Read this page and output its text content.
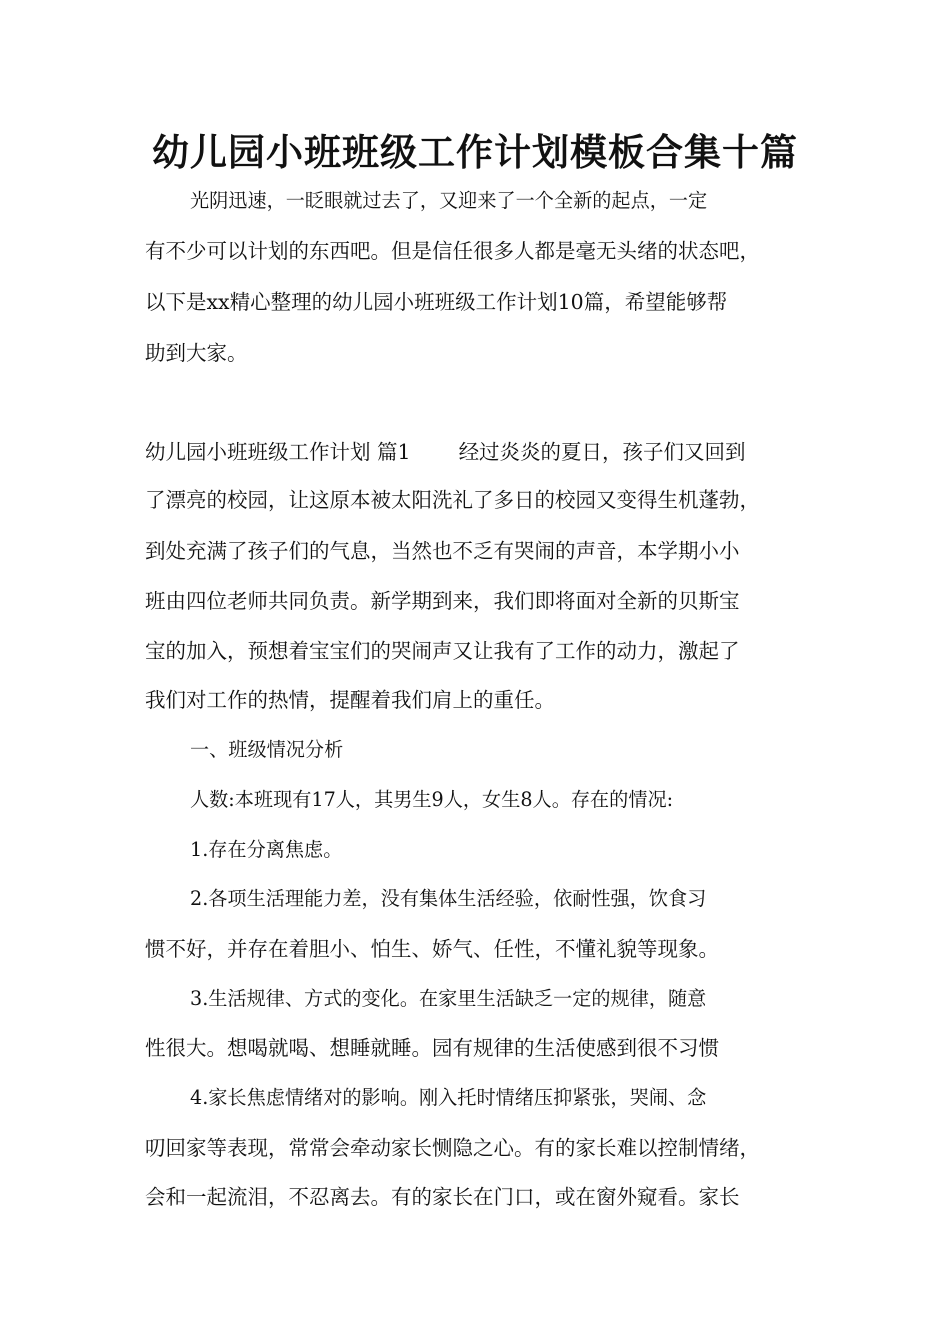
幼儿园小班班级工作计划模板合集十篇

光阴迅速，一眨眼就过去了，又迎来了一个全新的起点，一定

有不少可以计划的东西吧。但是信任很多人都是毫无头绪的状态吧，

以下是xx精心整理的幼儿园小班班级工作计划10篇，希望能够帮

助到大家。

幼儿园小班班级工作计划 篇1 经过炎炎的夏日，孩子们又回到

了漂亮的校园，让这原本被太阳洗礼了多日的校园又变得生机蓬勃，

到处充满了孩子们的气息，当然也不乏有哭闹的声音，本学期小小

班由四位老师共同负责。新学期到来，我们即将面对全新的贝斯宝

宝的加入，预想着宝宝们的哭闹声又让我有了工作的动力，激起了

我们对工作的热情，提醒着我们肩上的重任。

一、班级情况分析

人数:本班现有17人，其男生9人，女生8人。存在的情况:

1.存在分离焦虑。

2.各项生活理能力差，没有集体生活经验，依耐性强，饮食习

惯不好，并存在着胆小、怕生、娇气、任性，不懂礼貌等现象。

3.生活规律、方式的变化。在家里生活缺乏一定的规律，随意

性很大。想喝就喝、想睡就睡。园有规律的生活使感到很不习惯

4.家长焦虑情绪对的影响。刚入托时情绪压抑紧张，哭闹、念

叨回家等表现，常常会牵动家长恻隐之心。有的家长难以控制情绪，

会和一起流泪，不忍离去。有的家长在门口，或在窗外窥看。家长
